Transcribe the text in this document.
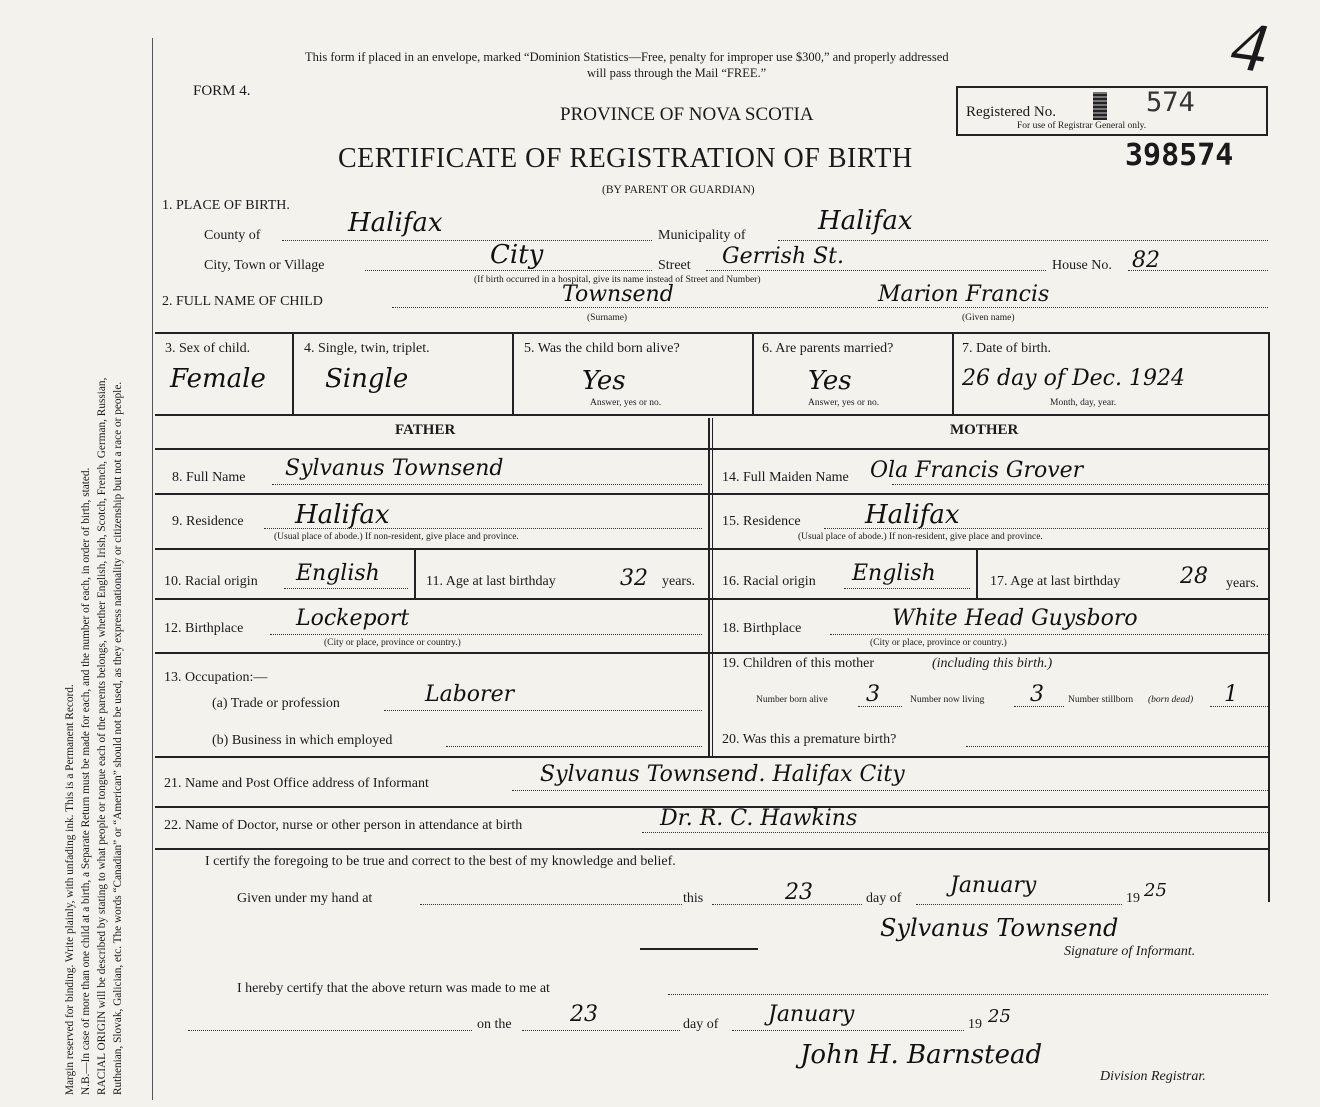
Margin reserved for binding. Write plainly, with unfading ink. This is a Permanent Record. N.B.—In case of more than one child at a birth, a Separate Return must be made for each, and the number of each, in order of birth, stated. RACIAL ORIGIN will be described by stating to what people or tongue each of the parents belongs, whether English, Irish, Scotch, French, German, Russian, Ruthenian, Slovak, Galician, etc. The words “Canadian” or “American” should not be used, as they express nationality or citizenship but not a race or people.
This form if placed in an envelope, marked “Dominion Statistics—Free, penalty for improper use $300,” and properly addressed
will pass through the Mail “FREE.”
FORM 4.
PROVINCE OF NOVA SCOTIA
CERTIFICATE OF REGISTRATION OF BIRTH
(BY PARENT OR GUARDIAN)
Registered No.	574
For use of Registrar General only.
398574
4
1. PLACE OF BIRTH.
County of	Halifax	Municipality of	Halifax
City, Town or Village	City	Street Gerrish St.	House No. 82
(If birth occurred in a hospital, give its name instead of Street and Number)
2. FULL NAME OF CHILD	Townsend
(Surname)
Marion Francis
(Given name)
3. Sex of child.
Female
4. Single, twin, triplet.
Single
5. Was the child born alive?
Yes
Answer, yes or no.
6. Are parents married?
Yes
Answer, yes or no.
7. Date of birth.
26 day of Dec. 1924
Month, day, year.
FATHER	MOTHER
8. Full Name Sylvanus Townsend
9. Residence Halifax
(Usual place of abode.) If non-resident, give place and province.
10. Racial origin English	11. Age at last birthday	32 years.
12. Birthplace Lockeport
(City or place, province or country.)
13. Occupation:—
(a) Trade or profession	Laborer
(b) Business in which employed
14. Full Maiden Name Ola Francis Grover
15. Residence Halifax
(Usual place of abode.) If non-resident, give place and province.
16. Racial origin English	17. Age at last birthday	28 years.
18. Birthplace	White Head Guysboro
(City or place, province or country.)
19. Children of this mother	(including this birth.)
Number born alive 3	Number now living 3	Number stillborn (born dead) 1
20. Was this a premature birth?
21. Name and Post Office address of Informant	Sylvanus Townsend. Halifax City
22. Name of Doctor, nurse or other person in attendance at birth	Dr. R. C. Hawkins
I certify the foregoing to be true and correct to the best of my knowledge and belief.
Given under my hand at	this	23	day of
January
19 25
Sylvanus Townsend
Signature of Informant.
I hereby certify that the above return was made to me at
on the	23	day of January	19 25
John H. Barnstead
Division Registrar.
